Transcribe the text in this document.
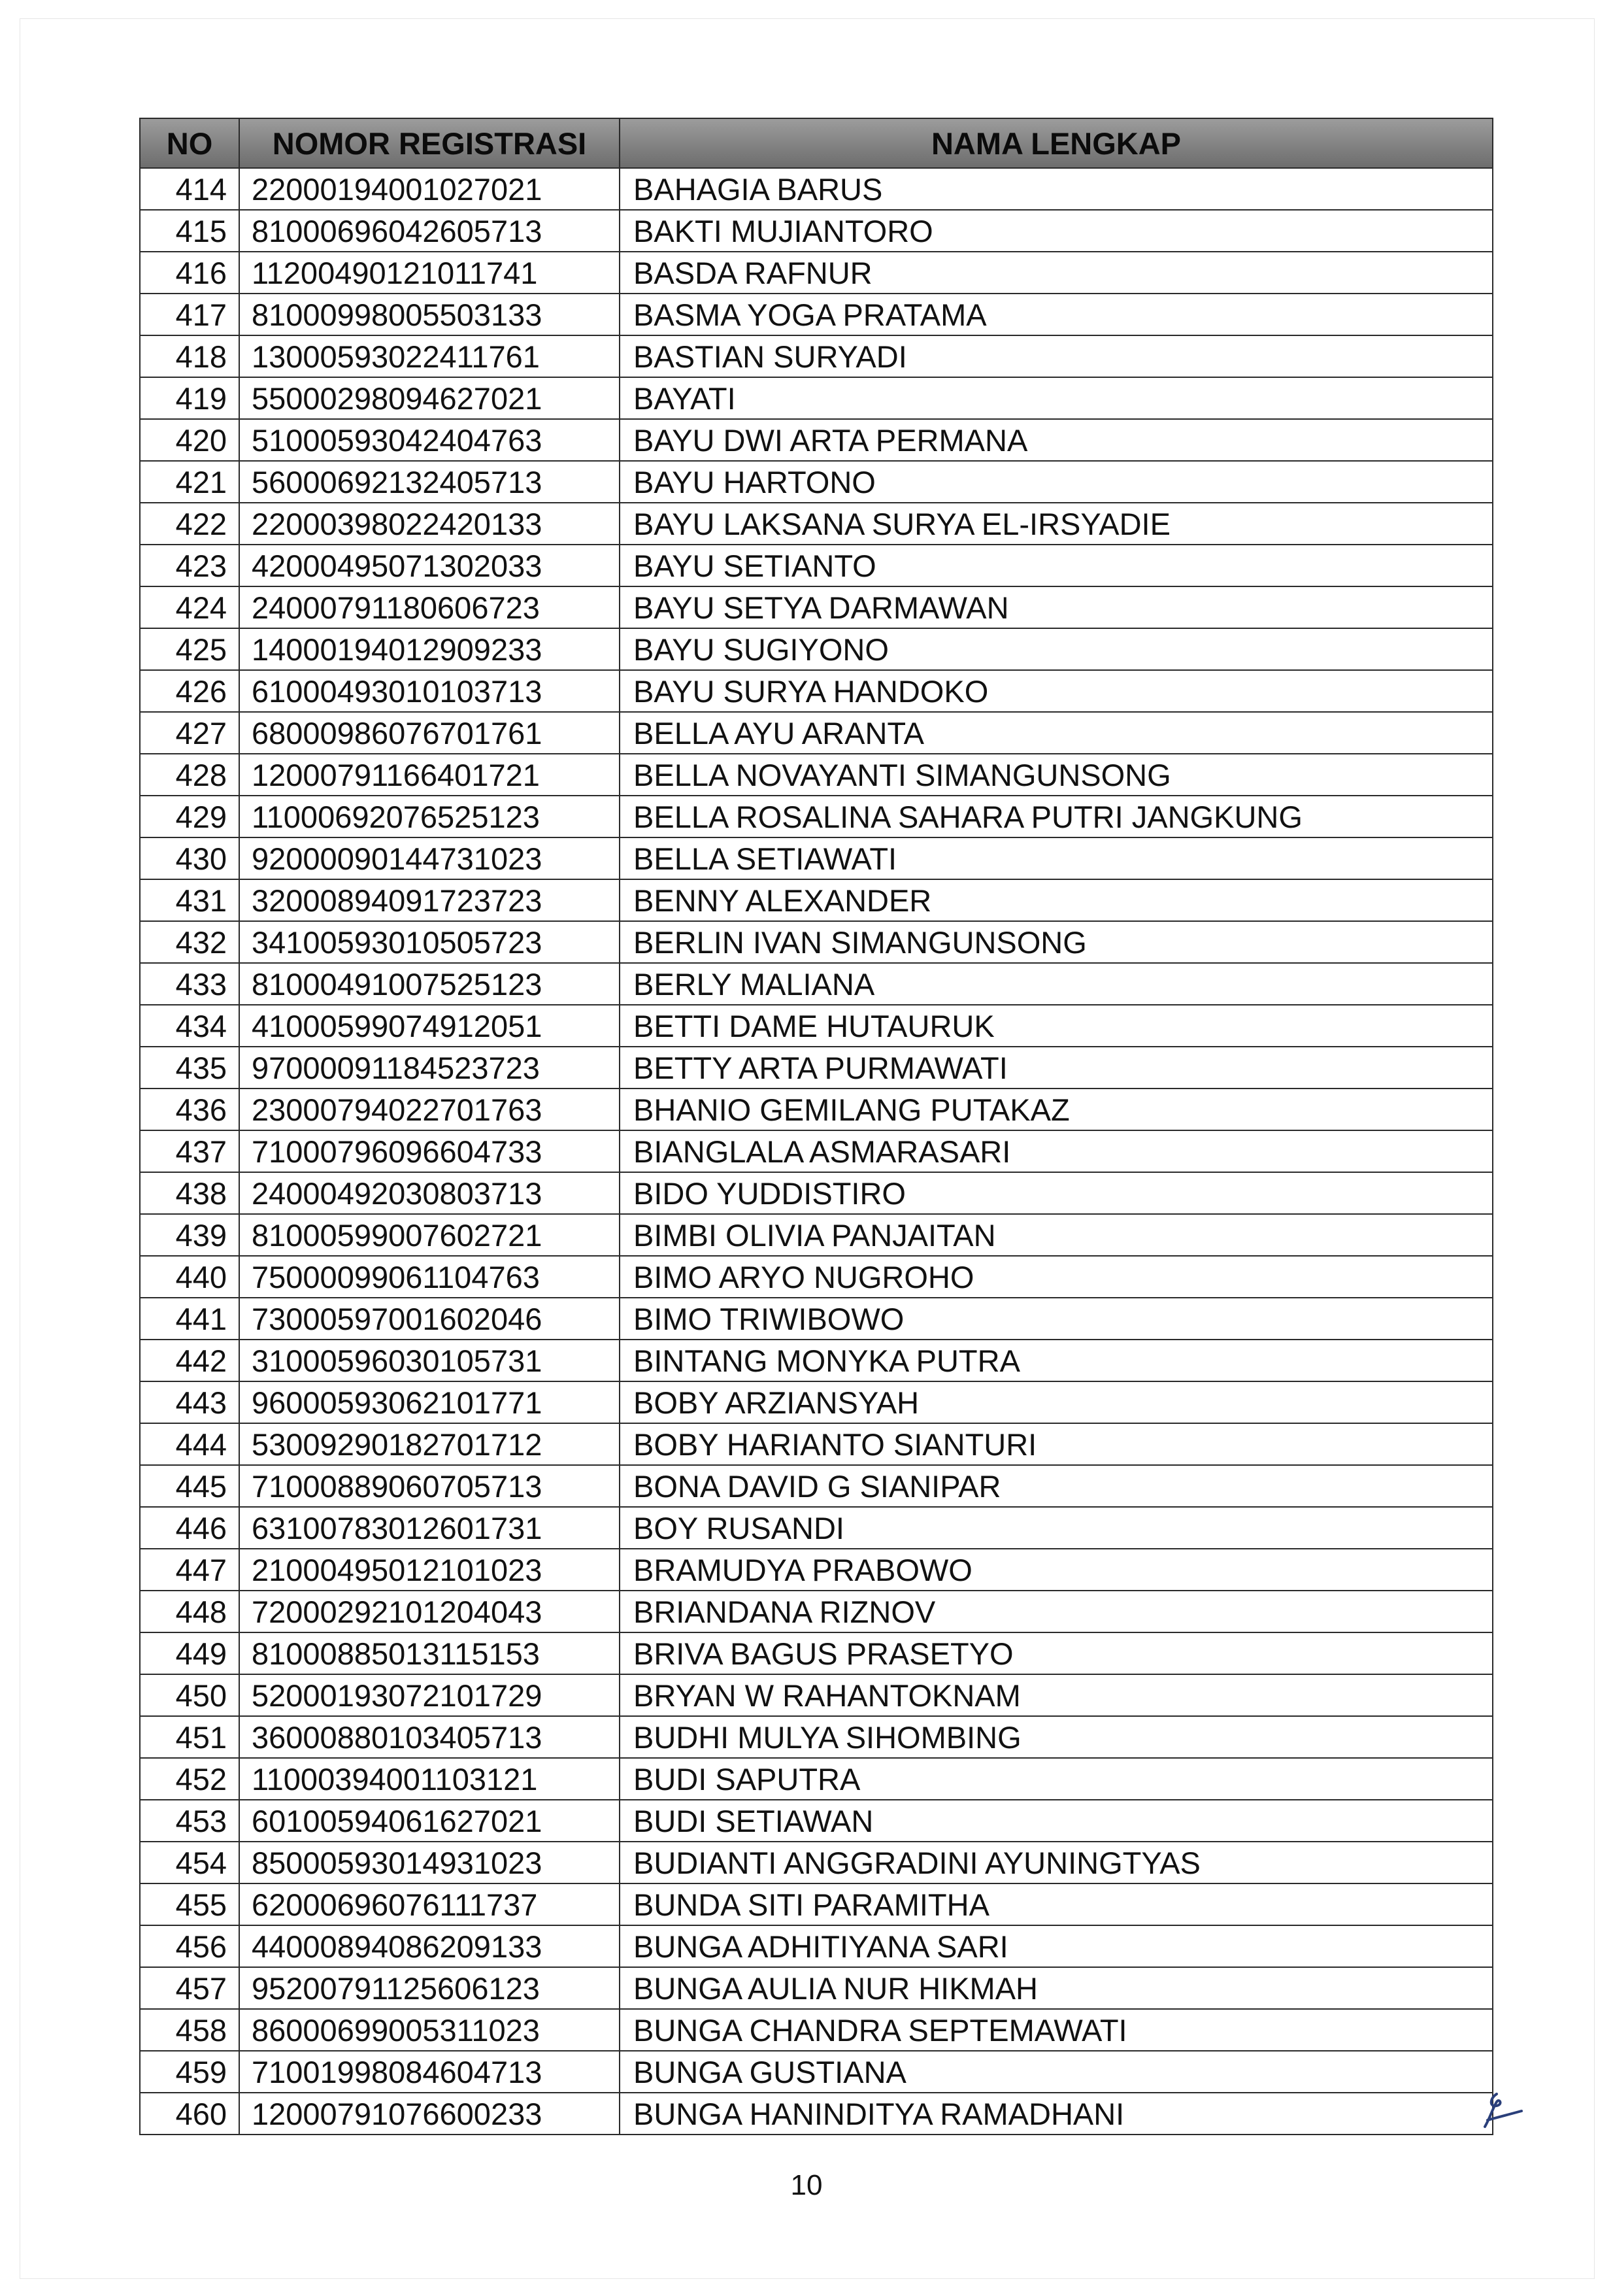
NO	NOMOR REGISTRASI	NAMA LENGKAP
414	22000194001027021	BAHAGIA BARUS
415	81000696042605713	BAKTI MUJIANTORO
416	11200490121011741	BASDA RAFNUR
417	81000998005503133	BASMA YOGA PRATAMA
418	13000593022411761	BASTIAN SURYADI
419	55000298094627021	BAYATI
420	51000593042404763	BAYU DWI ARTA PERMANA
421	56000692132405713	BAYU HARTONO
422	22000398022420133	BAYU LAKSANA SURYA EL-IRSYADIE
423	42000495071302033	BAYU SETIANTO
424	24000791180606723	BAYU SETYA DARMAWAN
425	14000194012909233	BAYU SUGIYONO
426	61000493010103713	BAYU SURYA HANDOKO
427	68000986076701761	BELLA AYU ARANTA
428	12000791166401721	BELLA NOVAYANTI SIMANGUNSONG
429	11000692076525123	BELLA ROSALINA SAHARA PUTRI JANGKUNG
430	92000090144731023	BELLA SETIAWATI
431	32000894091723723	BENNY ALEXANDER
432	34100593010505723	BERLIN IVAN SIMANGUNSONG
433	81000491007525123	BERLY MALIANA
434	41000599074912051	BETTI DAME HUTAURUK
435	97000091184523723	BETTY ARTA PURMAWATI
436	23000794022701763	BHANIO GEMILANG PUTAKAZ
437	71000796096604733	BIANGLALA ASMARASARI
438	24000492030803713	BIDO YUDDISTIRO
439	81000599007602721	BIMBI OLIVIA PANJAITAN
440	75000099061104763	BIMO ARYO NUGROHO
441	73000597001602046	BIMO TRIWIBOWO
442	31000596030105731	BINTANG MONYKA PUTRA
443	96000593062101771	BOBY ARZIANSYAH
444	53009290182701712	BOBY HARIANTO SIANTURI
445	71000889060705713	BONA DAVID G SIANIPAR
446	63100783012601731	BOY RUSANDI
447	21000495012101023	BRAMUDYA PRABOWO
448	72000292101204043	BRIANDANA RIZNOV
449	81000885013115153	BRIVA BAGUS PRASETYO
450	52000193072101729	BRYAN W RAHANTOKNAM
451	36000880103405713	BUDHI MULYA SIHOMBING
452	11000394001103121	BUDI SAPUTRA
453	60100594061627021	BUDI SETIAWAN
454	85000593014931023	BUDIANTI ANGGRADINI AYUNINGTYAS
455	62000696076111737	BUNDA SITI PARAMITHA
456	44000894086209133	BUNGA ADHITIYANA SARI
457	95200791125606123	BUNGA AULIA NUR HIKMAH
458	86000699005311023	BUNGA CHANDRA SEPTEMAWATI
459	71001998084604713	BUNGA GUSTIANA
460	12000791076600233	BUNGA HANINDITYA RAMADHANI
10
